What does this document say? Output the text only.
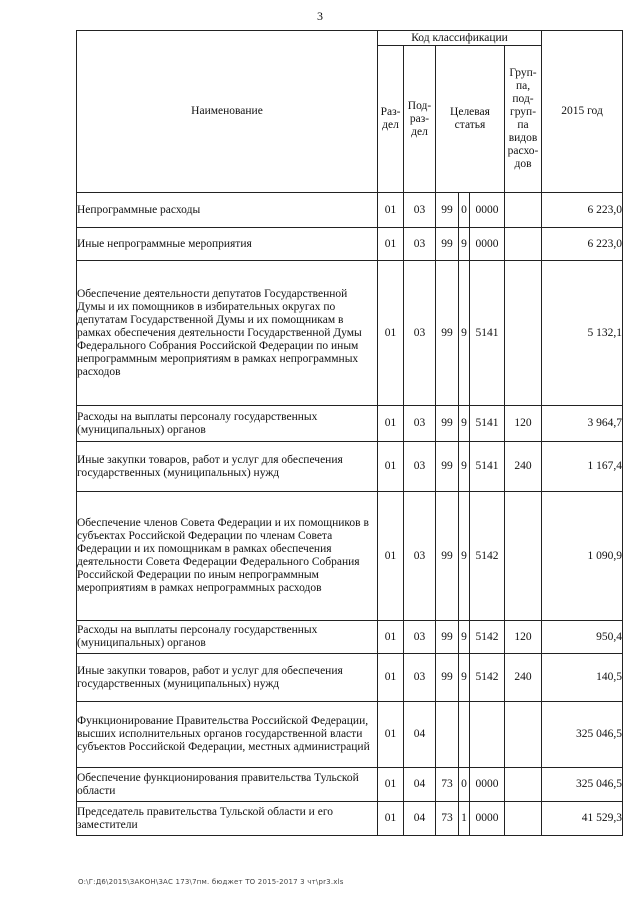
3
Наименование	Код классификации						2015 год
	Раз-дел	Под-раз-дел	Целевая статья			Груп-па, под-груп-па видов расхо-дов	
Непрограммные расходы	01	03	99	0	0000		6 223,0
Иные непрограммные мероприятия	01	03	99	9	0000		6 223,0
Обеспечение деятельности депутатов Государственной Думы и их помощников в избирательных округах по депутатам Государственной Думы и их помощникам в рамках обеспечения деятельности Государственной Думы Федерального Собрания Российской Федерации по иным непрограммным мероприятиям в рамках непрограммных расходов	01	03	99	9	5141		5 132,1
Расходы на выплаты персоналу государственных (муниципальных) органов	01	03	99	9	5141	120	3 964,7
Иные закупки товаров, работ и услуг для обеспечения государственных (муниципальных) нужд	01	03	99	9	5141	240	1 167,4
Обеспечение членов Совета Федерации и их помощников в субъектах Российской Федерации по членам Совета Федерации и их помощникам в рамках обеспечения деятельности Совета Федерации Федерального Собрания Российской Федерации по иным непрограммным мероприятиям в рамках непрограммных расходов	01	03	99	9	5142		1 090,9
Расходы на выплаты персоналу государственных (муниципальных) органов	01	03	99	9	5142	120	950,4
Иные закупки товаров, работ и услуг для обеспечения государственных (муниципальных) нужд	01	03	99	9	5142	240	140,5
Функционирование Правительства Российской Федерации, высших исполнительных органов государственной власти субъектов Российской Федерации, местных администраций	01	04					325 046,5
Обеспечение функционирования правительства Тульской области	01	04	73	0	0000		325 046,5
Председатель правительства Тульской области и его заместители	01	04	73	1	0000		41 529,3
O:\Г:Д6\2015\ЗАКОН\ЗАС 173\7пм. бюджет ТО 2015-2017 3 чт\pr3.xls
